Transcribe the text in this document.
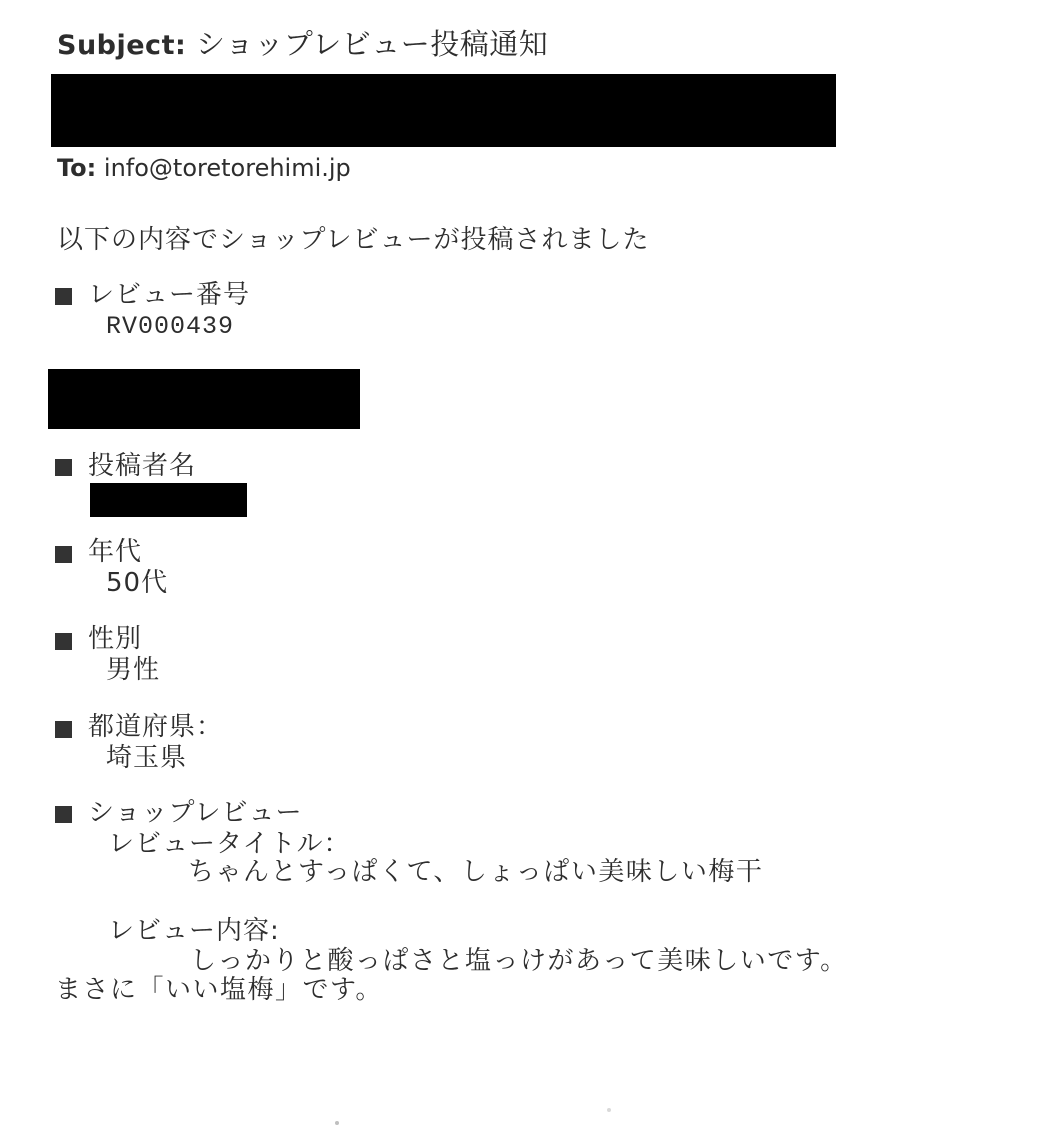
Subject: ショップレビュー投稿通知
To: info@toretorehimi.jp
以下の内容でショップレビューが投稿されました
レビュー番号
RV000439
投稿者名
年代
50代
性別
男性
都道府県：
埼玉県
ショップレビュー
レビュータイトル：
ちゃんとすっぱくて、しょっぱい美味しい梅干
レビュー内容:
しっかりと酸っぱさと塩っけがあって美味しいです。
まさに「いい塩梅」です。
